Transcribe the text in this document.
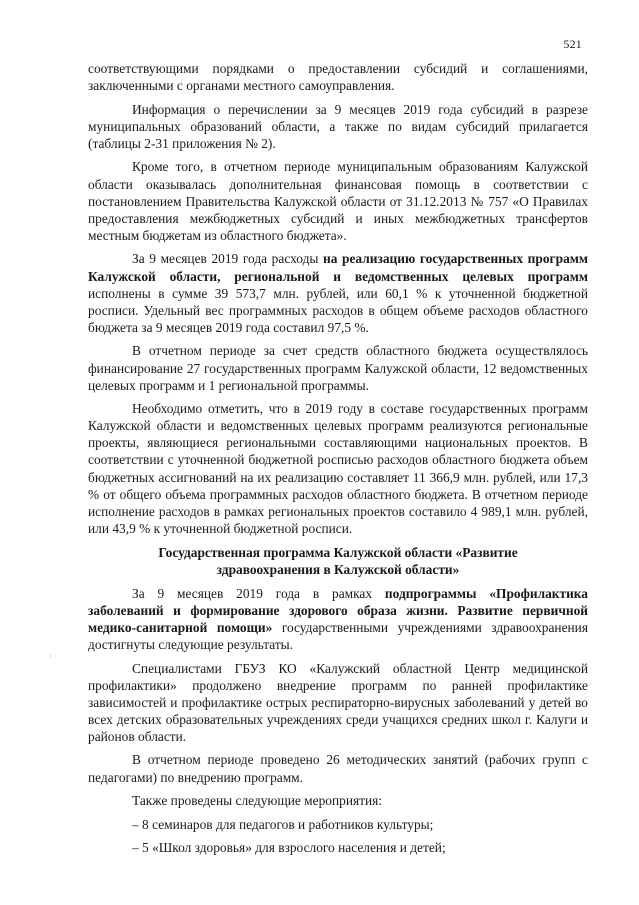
521

соответствующими порядками о предоставлении субсидий и соглашениями, заключенными с органами местного самоуправления.

Информация о перечислении за 9 месяцев 2019 года субсидий в разрезе муниципальных образований области, а также по видам субсидий прилагается (таблицы 2-31 приложения № 2).

Кроме того, в отчетном периоде муниципальным образованиям Калужской области оказывалась дополнительная финансовая помощь в соответствии с постановлением Правительства Калужской области от 31.12.2013 № 757 «О Правилах предоставления межбюджетных субсидий и иных межбюджетных трансфертов местным бюджетам из областного бюджета».

За 9 месяцев 2019 года расходы на реализацию государственных программ Калужской области, региональной и ведомственных целевых программ исполнены в сумме 39 573,7 млн. рублей, или 60,1 % к уточненной бюджетной росписи. Удельный вес программных расходов в общем объеме расходов областного бюджета за 9 месяцев 2019 года составил 97,5 %.

В отчетном периоде за счет средств областного бюджета осуществлялось финансирование 27 государственных программ Калужской области, 12 ведомственных целевых программ и 1 региональной программы.

Необходимо отметить, что в 2019 году в составе государственных программ Калужской области и ведомственных целевых программ реализуются региональные проекты, являющиеся региональными составляющими национальных проектов. В соответствии с уточненной бюджетной росписью расходов областного бюджета объем бюджетных ассигнований на их реализацию составляет 11 366,9 млн. рублей, или 17,3 % от общего объема программных расходов областного бюджета. В отчетном периоде исполнение расходов в рамках региональных проектов составило 4 989,1 млн. рублей, или 43,9 % к уточненной бюджетной росписи.

Государственная программа Калужской области «Развитие здравоохранения в Калужской области»

За 9 месяцев 2019 года в рамках подпрограммы «Профилактика заболеваний и формирование здорового образа жизни. Развитие первичной медико-санитарной помощи» государственными учреждениями здравоохранения достигнуты следующие результаты.

Специалистами ГБУЗ КО «Калужский областной Центр медицинской профилактики» продолжено внедрение программ по ранней профилактике зависимостей и профилактике острых респираторно-вирусных заболеваний у детей во всех детских образовательных учреждениях среди учащихся средних школ г. Калуги и районов области.

В отчетном периоде проведено 26 методических занятий (рабочих групп с педагогами) по внедрению программ.

Также проведены следующие мероприятия:

– 8 семинаров для педагогов и работников культуры;

– 5 «Школ здоровья» для взрослого населения и детей;
